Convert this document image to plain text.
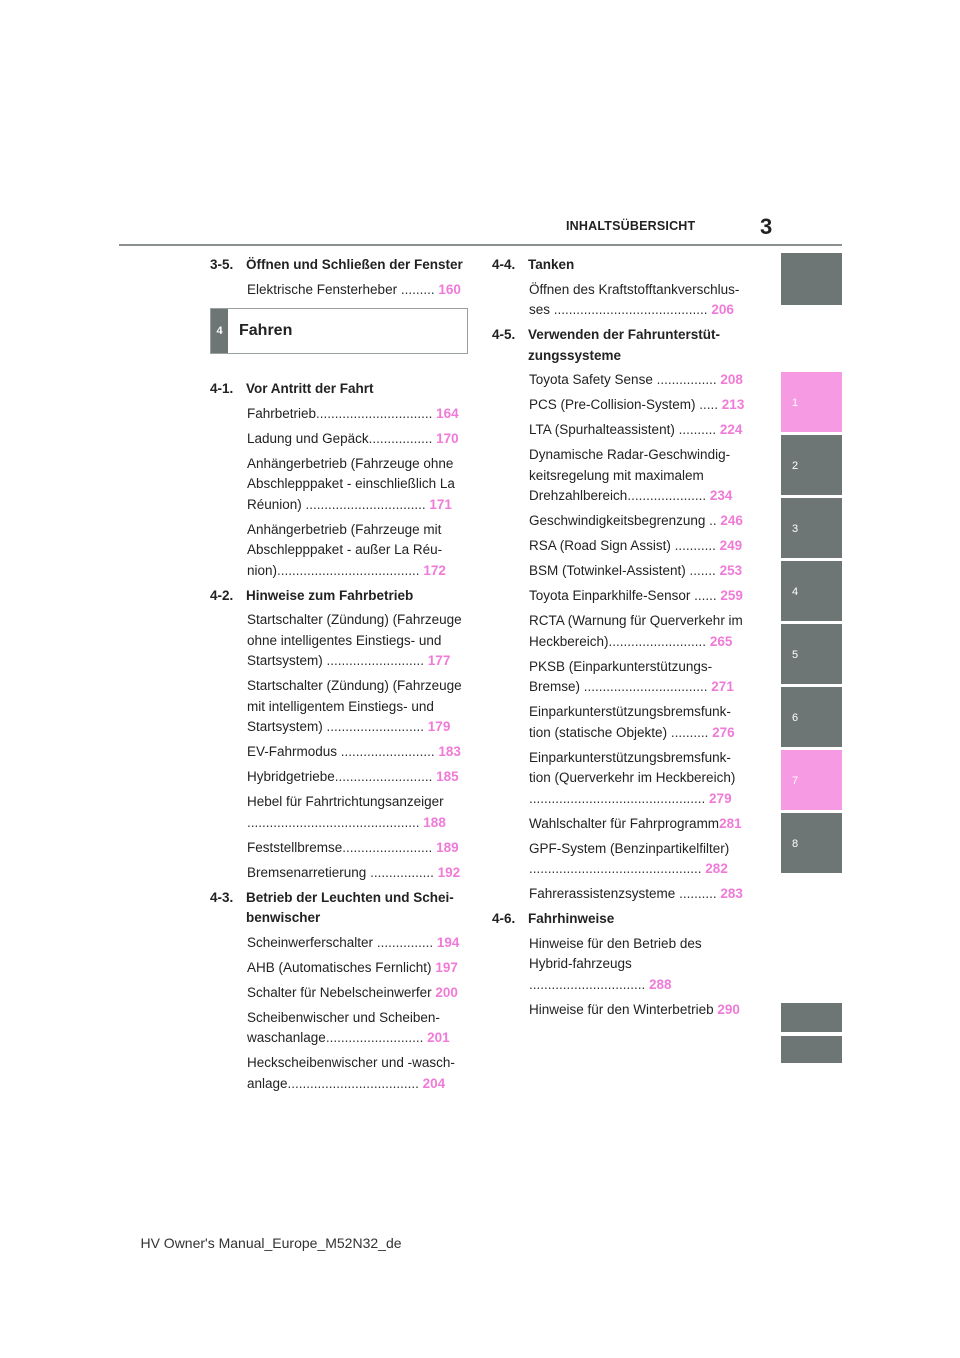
INHALTSÜBERSICHT	3
3-5. Öffnen und Schließen der Fenster
Elektrische Fensterheber ......... 160
4	Fahren
4-1. Vor Antritt der Fahrt
Fahrbetrieb............................... 164
Ladung und Gepäck................. 170
Anhängerbetrieb (Fahrzeuge ohne Abschlepppaket - einschließlich La Réunion) ................................ 171
Anhängerbetrieb (Fahrzeuge mit Abschlepppaket - außer La Réu-nion)...................................... 172
4-2. Hinweise zum Fahrbetrieb
Startschalter (Zündung) (Fahrzeuge ohne intelligentes Einstiegs- und Startsystem) .......................... 177
Startschalter (Zündung) (Fahrzeuge mit intelligentem Einstiegs- und Startsystem) .......................... 179
EV-Fahrmodus ......................... 183
Hybridgetriebe.......................... 185
Hebel für Fahrtrichtungsanzeiger .............................................. 188
Feststellbremse........................ 189
Bremsenarretierung ................. 192
4-3. Betrieb der Leuchten und Schei-benwischer
Scheinwerferschalter ............... 194
AHB (Automatisches Fernlicht) 197
Schalter für Nebelscheinwerfer 200
Scheibenwischer und Scheiben-waschanlage.......................... 201
Heckscheibenwischer und -wasch-anlage................................... 204
4-4. Tanken
Öffnen des Kraftstofftankverschlus-ses ......................................... 206
4-5. Verwenden der Fahrunterstüt-zungssysteme
Toyota Safety Sense ................ 208
PCS (Pre-Collision-System) ..... 213
LTA (Spurhalteassistent) .......... 224
Dynamische Radar-Geschwindig-keitsregelung mit maximalem Drehzahlbereich..................... 234
Geschwindigkeitsbegrenzung .. 246
RSA (Road Sign Assist) ........... 249
BSM (Totwinkel-Assistent) ....... 253
Toyota Einparkhilfe-Sensor ...... 259
RCTA (Warnung für Querverkehr im Heckbereich).......................... 265
PKSB (Einparkunterstützungs-Bremse) ................................. 271
Einparkunterstützungsbremsfunk-tion (statische Objekte) .......... 276
Einparkunterstützungsbremsfunk-tion (Querverkehr im Heckbereich) ............................................... 279
Wahlschalter für Fahrprogramm281
GPF-System (Benzinpartikelfilter) .............................................. 282
Fahrerassistenzsysteme .......... 283
4-6. Fahrhinweise
Hinweise für den Betrieb des Hybrid-fahrzeugs ............................... 288
Hinweise für den Winterbetrieb 290
1
2
3
4
5
6
7
8
HV Owner's Manual_Europe_M52N32_de
